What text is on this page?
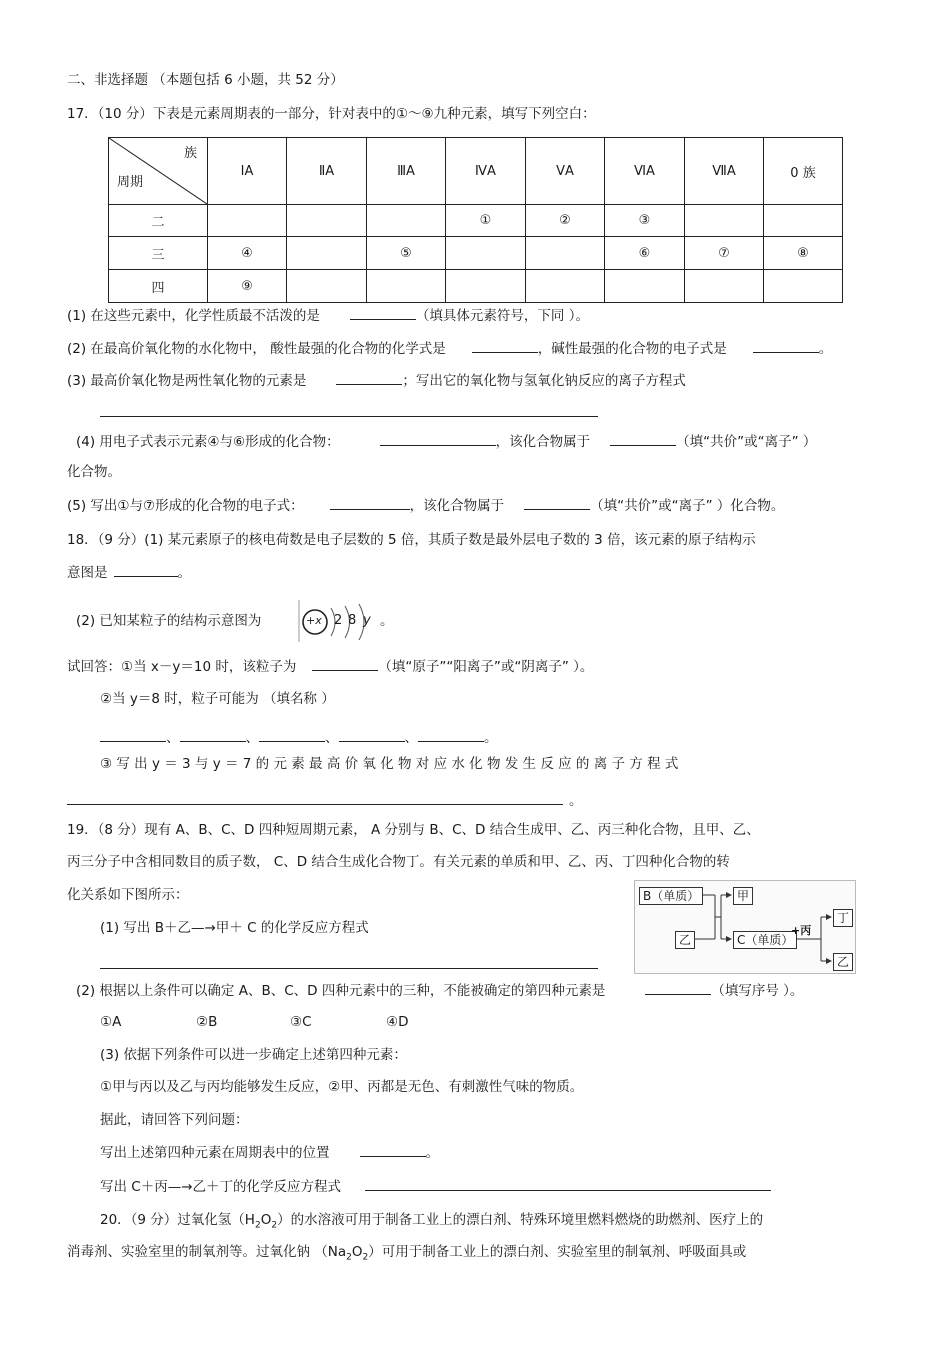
二、非选择题 （本题包括 6 小题，共 52 分）
17．（10 分）下表是元素周期表的一部分，针对表中的①～⑨九种元素，填写下列空白：
族
周期	ⅠA	ⅡA	ⅢA	ⅣA	ⅤA	ⅥA	ⅦA	0 族
二				①	②	③		
三	④		⑤			⑥	⑦	⑧
四	⑨							
(1) 在这些元素中，化学性质最不活泼的是	（填具体元素符号，下同 ）。
(2) 在最高价氧化物的水化物中， 酸性最强的化合物的化学式是	，碱性最强的化合物的电子式是	。
(3) 最高价氧化物是两性氧化物的元素是	；写出它的氧化物与氢氧化钠反应的离子方程式
(4) 用电子式表示元素④与⑥形成的化合物：	，该化合物属于	（填“共价”或“离子” ）
化合物。
(5) 写出①与⑦形成的化合物的电子式：	，该化合物属于	（填“共价”或“离子” ）化合物。
18．（9 分）(1) 某元素原子的核电荷数是电子层数的 5 倍，其质子数是最外层电子数的 3 倍，该元素的原子结构示
意图是	。
(2) 已知某粒子的结构示意图为	+x 2 8 y 。
试回答：①当 x－y＝10 时，该粒子为	（填“原子”“阳离子”或“阴离子” ）。
②当 y＝8 时，粒子可能为 （填名称 ）
、	、	、	、	。
③ 写 出 y ＝ 3 与 y ＝ 7 的 元 素 最 高 价 氧 化 物 对 应 水 化 物 发 生 反 应 的 离 子 方 程 式
。
19．（8 分）现有 A、B、C、D 四种短周期元素， A 分别与 B、C、D 结合生成甲、乙、丙三种化合物，且甲、乙、
丙三分子中含相同数目的质子数， C、D 结合生成化合物丁。有关元素的单质和甲、乙、丙、丁四种化合物的转
化关系如下图所示：	B（单质）	甲
乙	C（单质）
+丙
丁
乙
(1) 写出 B＋乙—→甲＋ C 的化学反应方程式
(2) 根据以上条件可以确定 A、B、C、D 四种元素中的三种，不能被确定的第四种元素是	（填写序号 ）。
①A	②B	③C	④D
(3) 依据下列条件可以进一步确定上述第四种元素：
①甲与丙以及乙与丙均能够发生反应，②甲、丙都是无色、有刺激性气味的物质。
据此，请回答下列问题：
写出上述第四种元素在周期表中的位置	。
写出 C＋丙—→乙＋丁的化学反应方程式
20．（9 分）过氧化氢$(H_2O_2)$的水溶液可用于制备工业上的漂白剂、特殊环境里燃料燃烧的助燃剂、医疗上的
消毒剂、实验室里的制氧剂等。过氧化钠 $(Na_2O_2)$可用于制备工业上的漂白剂、实验室里的制氧剂、呼吸面具或
